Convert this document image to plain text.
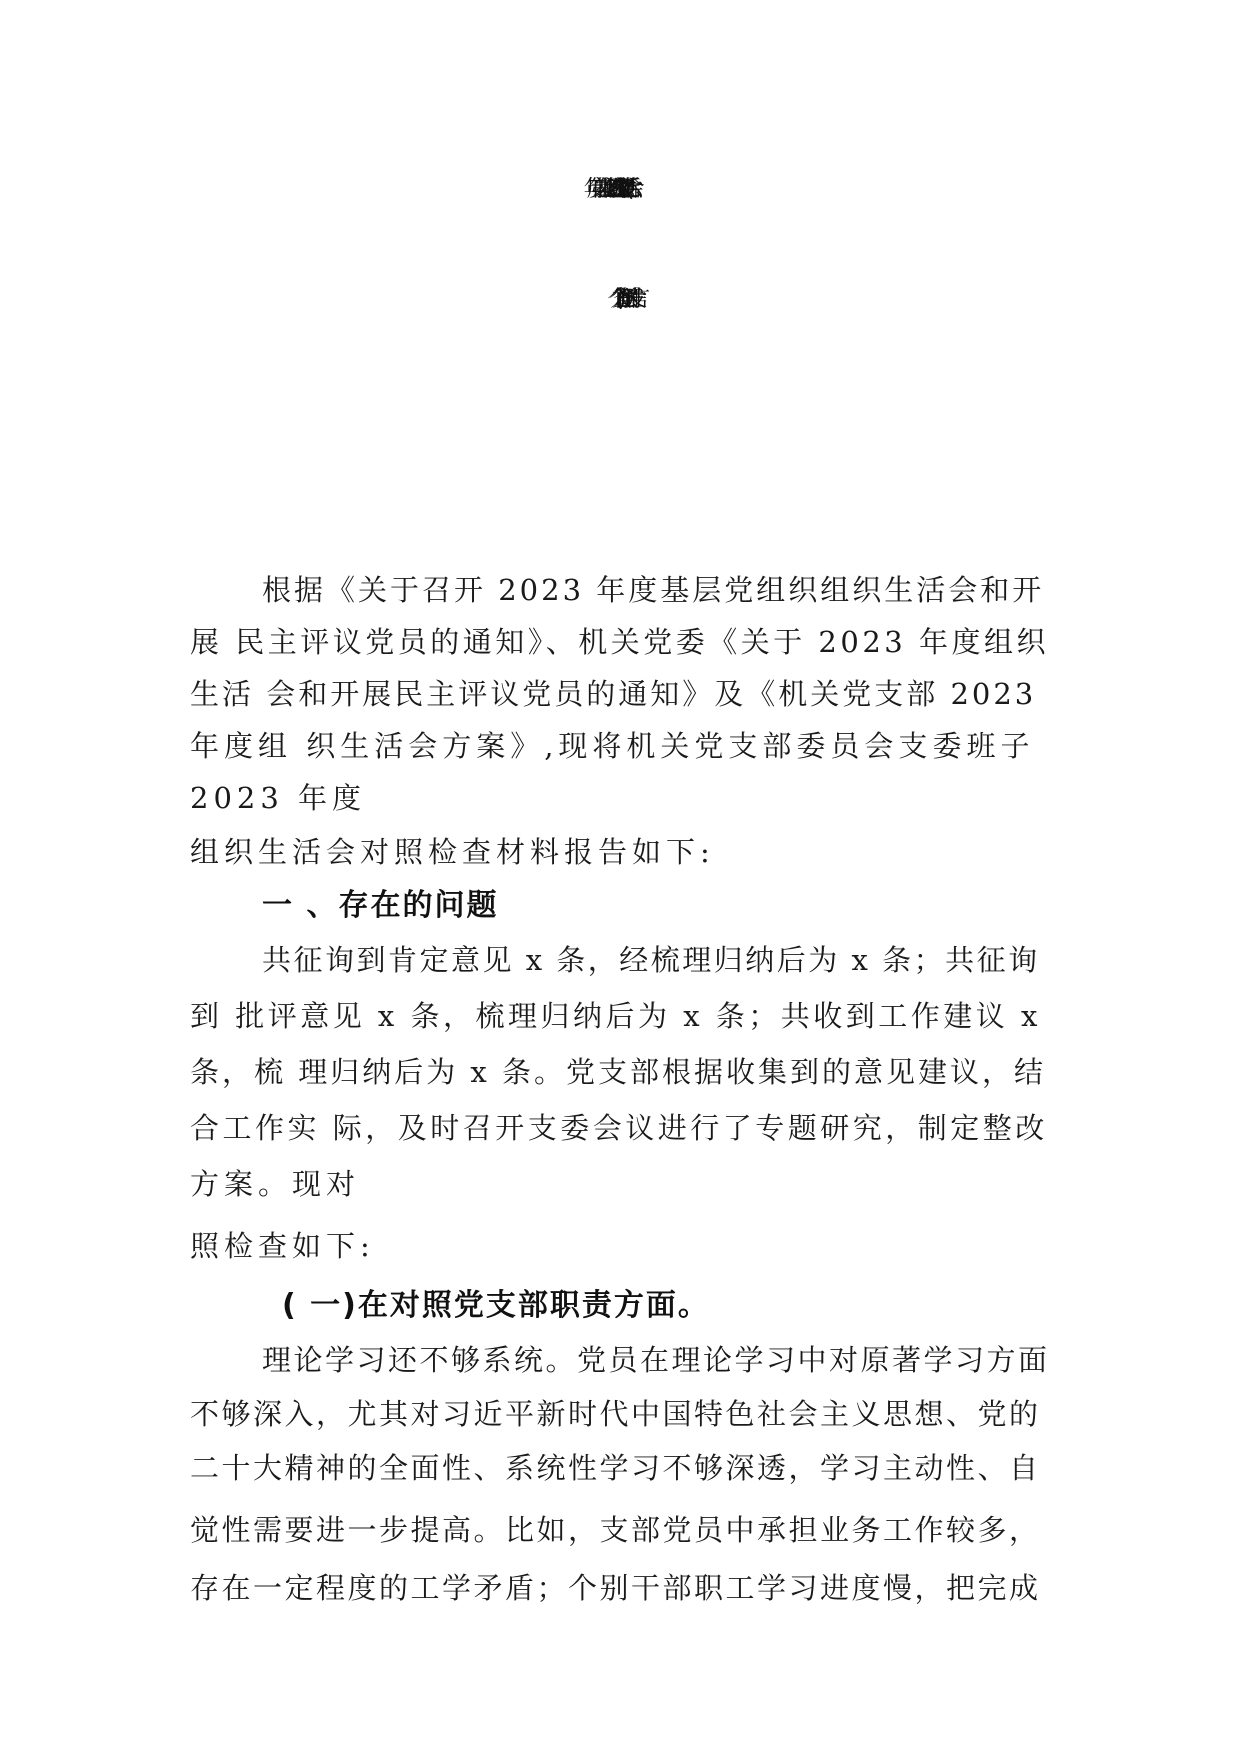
2024 年度第二批主题教育专题生活会(最新六
个方面)个人查摆研讨发言
根据《关于召开 2023 年度基层党组织组织生活会和开
展 民主评议党员的通知》、机关党委《关于 2023 年度组织
生活 会和开展民主评议党员的通知》及《机关党支部 2023
年度组 织生活会方案》,现将机关党支部委员会支委班子
2023 年度
组织生活会对照检查材料报告如下:
一 、存在的问题
共征询到肯定意见 x 条，经梳理归纳后为 x 条；共征询
到 批评意见 x 条，梳理归纳后为 x 条；共收到工作建议 x
条，梳 理归纳后为 x 条。党支部根据收集到的意见建议，结
合工作实 际，及时召开支委会议进行了专题研究，制定整改
方案。现对
照检查如下:
( 一)在对照党支部职责方面。
理论学习还不够系统。党员在理论学习中对原著学习方面
不够深入，尤其对习近平新时代中国特色社会主义思想、党的
二十大精神的全面性、系统性学习不够深透，学习主动性、自
觉性需要进一步提高。比如，支部党员中承担业务工作较多，
存在一定程度的工学矛盾；个别干部职工学习进度慢，把完成
